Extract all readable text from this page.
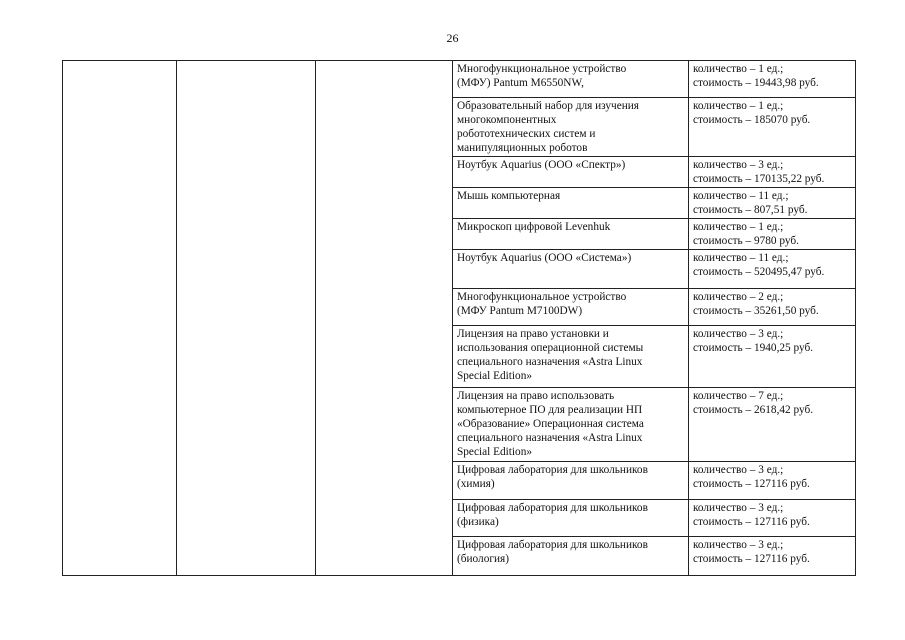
26

			Многофункциональное устройство
(МФУ) Pantum M6550NW,	количество – 1 ед.;
стоимость – 19443,98 руб.

			Образовательный набор для изучения
многокомпонентных
робототехнических систем и
манипуляционных роботов	количество – 1 ед.;
стоимость – 185070 руб.

			Ноутбук Aquarius (ООО «Спектр»)	количество – 3 ед.;
стоимость – 170135,22 руб.

			Мышь компьютерная	количество – 11 ед.;
стоимость – 807,51 руб.

			Микроскоп цифровой Levenhuk	количество – 1 ед.;
стоимость – 9780 руб.

			Ноутбук Aquarius (ООО «Система»)	количество – 11 ед.;
стоимость – 520495,47 руб.

			Многофункциональное устройство
(МФУ Pantum M7100DW)	количество – 2 ед.;
стоимость – 35261,50 руб.

			Лицензия на право установки и
использования операционной системы
специального назначения «Astra Linux
Special Edition»	количество – 3 ед.;
стоимость – 1940,25 руб.

			Лицензия на право использовать
компьютерное ПО для реализации НП
«Образование» Операционная система
специального назначения «Astra Linux
Special Edition»	количество – 7 ед.;
стоимость – 2618,42 руб.

			Цифровая лаборатория для школьников
(химия)	количество – 3 ед.;
стоимость – 127116 руб.

			Цифровая лаборатория для школьников
(физика)	количество – 3 ед.;
стоимость – 127116 руб.

			Цифровая лаборатория для школьников
(биология)	количество – 3 ед.;
стоимость – 127116 руб.
